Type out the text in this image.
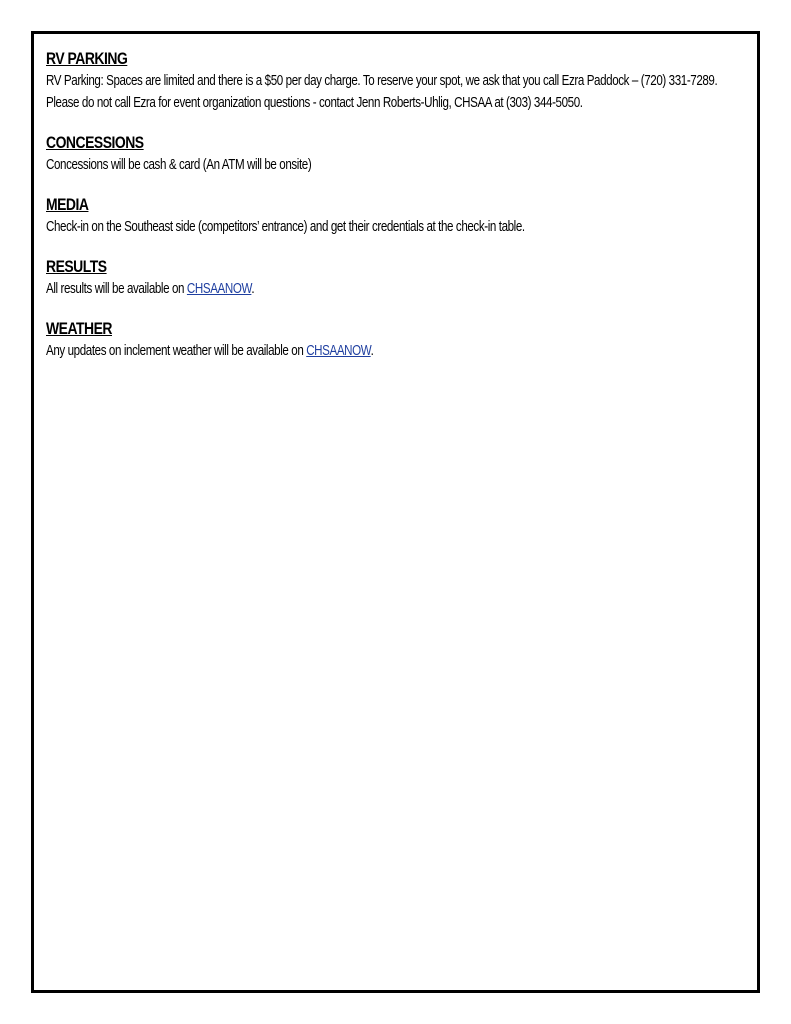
RV PARKING

RV Parking: Spaces are limited and there is a $50 per day charge. To reserve your spot, we ask that you call Ezra Paddock – (720) 331-7289. Please do not call Ezra for event organization questions - contact Jenn Roberts-Uhlig, CHSAA at (303) 344-5050.

CONCESSIONS

Concessions will be cash & card (An ATM will be onsite)

MEDIA

Check-in on the Southeast side (competitors’ entrance) and get their credentials at the check-in table.

RESULTS

All results will be available on CHSAANOW.

WEATHER

Any updates on inclement weather will be available on CHSAANOW.
